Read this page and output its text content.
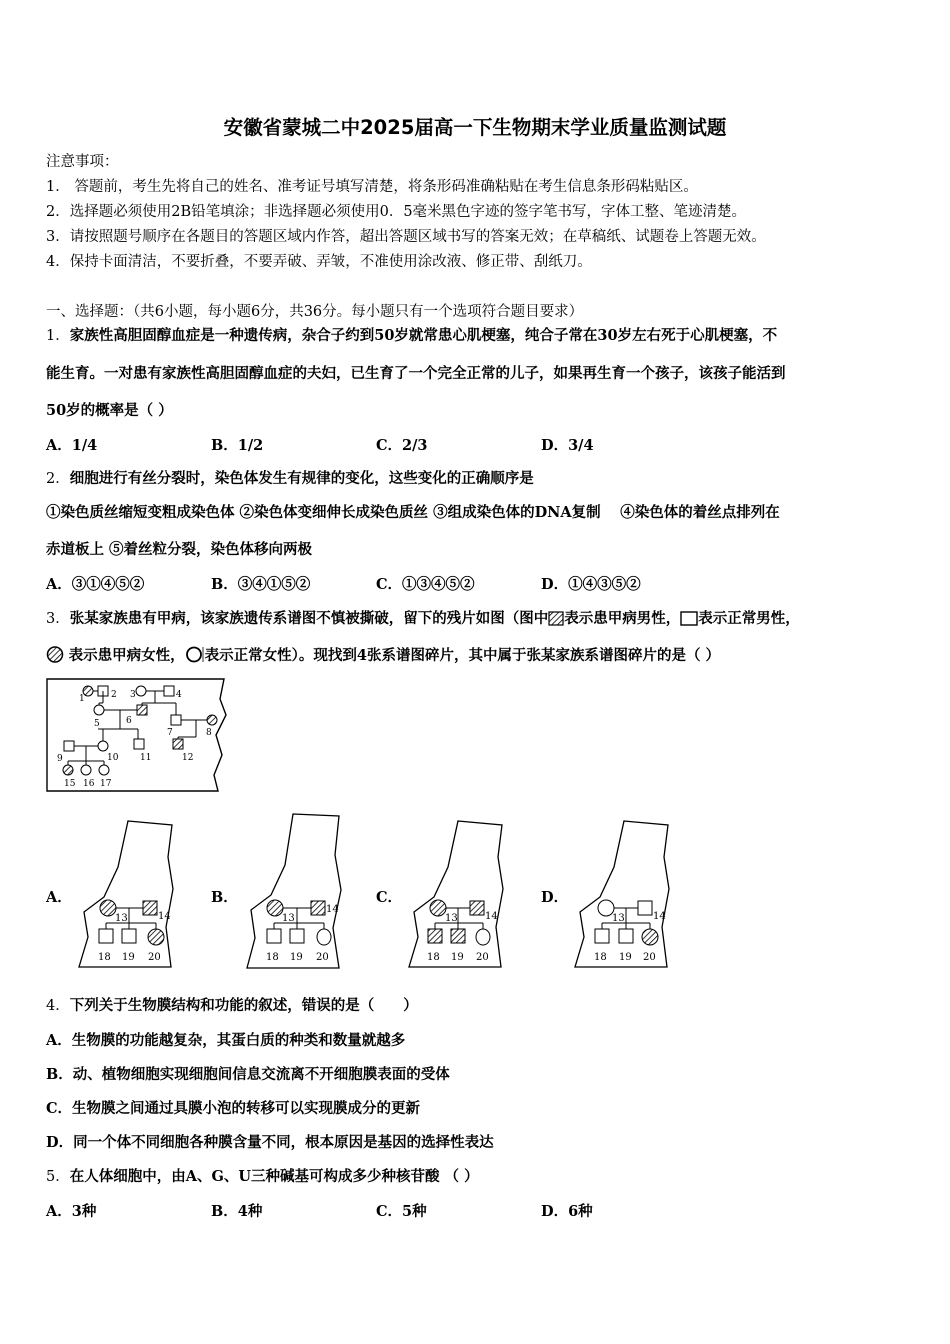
安徽省蒙城二中2025届高一下生物期末学业质量监测试题
注意事项：
1． 答题前，考生先将自己的姓名、准考证号填写清楚，将条形码准确粘贴在考生信息条形码粘贴区。
2．选择题必须使用2B铅笔填涂；非选择题必须使用0．5毫米黑色字迹的签字笔书写，字体工整、笔迹清楚。
3．请按照题号顺序在各题目的答题区域内作答，超出答题区域书写的答案无效；在草稿纸、试题卷上答题无效。
4．保持卡面清洁，不要折叠，不要弄破、弄皱，不准使用涂改液、修正带、刮纸刀。
一、选择题：（共6小题，每小题6分，共36分。每小题只有一个选项符合题目要求）
1．家族性高胆固醇血症是一种遗传病，杂合子约到50岁就常患心肌梗塞，纯合子常在30岁左右死于心肌梗塞，不
能生育。一对患有家族性高胆固醇血症的夫妇，已生育了一个完全正常的儿子，如果再生育一个孩子，该孩子能活到
50岁的概率是（ ）
A．1/4	B．1/2	C．2/3	D．3/4
2．细胞进行有丝分裂时，染色体发生有规律的变化，这些变化的正确顺序是
①染色质丝缩短变粗成染色体 ②染色体变细伸长成染色质丝 ③组成染色体的DNA复制　 ④染色体的着丝点排列在
赤道板上 ⑤着丝粒分裂，染色体移向两极
A．③①④⑤②	B．③④①⑤②	C．①③④⑤②	D．①④③⑤②
3．张某家族患有甲病，该家族遗传系谱图不慎被撕破，留下的残片如图（图中 表示患甲病男性， 表示正常男性，
表示患甲病女性， 表示正常女性）。现找到4张系谱图碎片，其中属于张某家族系谱图碎片的是（ ）
1	2 3	4
5	6
7	8
9	10 11	12
15 16 17
A．	B．	C．	D．
13	14
18 19 20
13
14
18 19 20
13	14
18 19 20
13	14
18 19 20
4．下列关于生物膜结构和功能的叙述，错误的是（　　）
A．生物膜的功能越复杂，其蛋白质的种类和数量就越多
B．动、植物细胞实现细胞间信息交流离不开细胞膜表面的受体
C．生物膜之间通过具膜小泡的转移可以实现膜成分的更新
D．同一个体不同细胞各种膜含量不同，根本原因是基因的选择性表达
5．在人体细胞中，由A、G、U三种碱基可构成多少种核苷酸 （ ）
A．3种	B．4种	C．5种	D．6种
